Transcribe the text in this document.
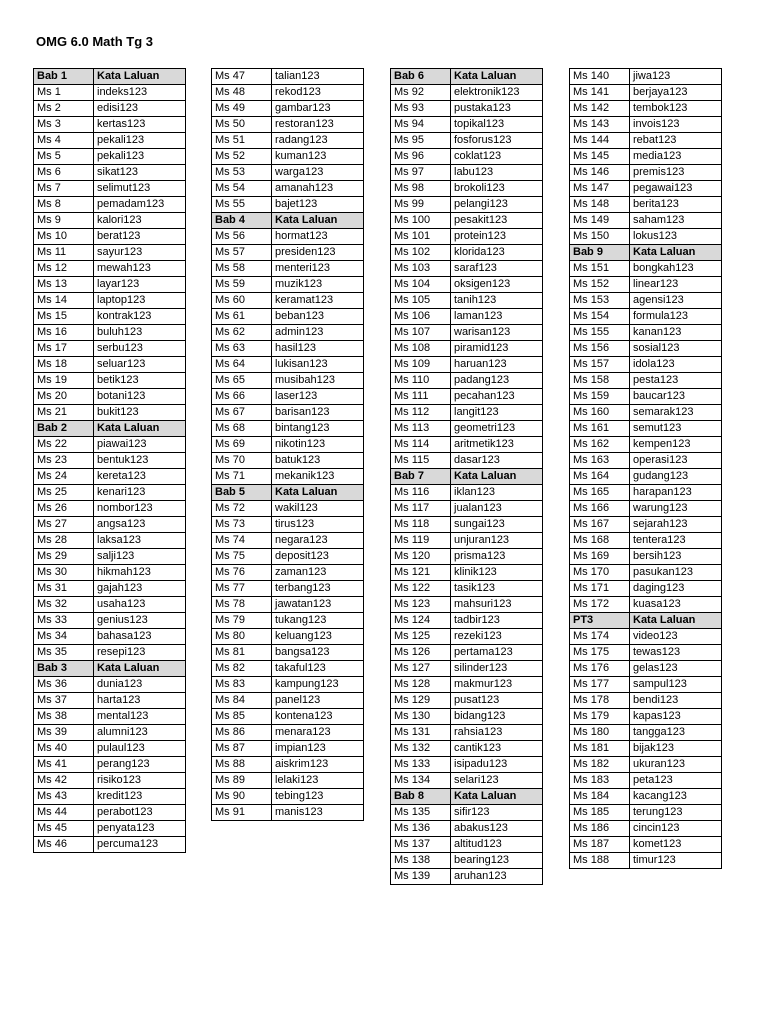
OMG 6.0 Math Tg 3
Bab 1	Kata Laluan
Ms 1	indeks123
Ms 2	edisi123
Ms 3	kertas123
Ms 4	pekali123
Ms 5	pekali123
Ms 6	sikat123
Ms 7	selimut123
Ms 8	pemadam123
Ms 9	kalori123
Ms 10	berat123
Ms 11	sayur123
Ms 12	mewah123
Ms 13	layar123
Ms 14	laptop123
Ms 15	kontrak123
Ms 16	buluh123
Ms 17	serbu123
Ms 18	seluar123
Ms 19	betik123
Ms 20	botani123
Ms 21	bukit123
Bab 2	Kata Laluan
Ms 22	piawai123
Ms 23	bentuk123
Ms 24	kereta123
Ms 25	kenari123
Ms 26	nombor123
Ms 27	angsa123
Ms 28	laksa123
Ms 29	salji123
Ms 30	hikmah123
Ms 31	gajah123
Ms 32	usaha123
Ms 33	genius123
Ms 34	bahasa123
Ms 35	resepi123
Bab 3	Kata Laluan
Ms 36	dunia123
Ms 37	harta123
Ms 38	mental123
Ms 39	alumni123
Ms 40	pulaul123
Ms 41	perang123
Ms 42	risiko123
Ms 43	kredit123
Ms 44	perabot123
Ms 45	penyata123
Ms 46	percuma123
Ms 47	talian123
Ms 48	rekod123
Ms 49	gambar123
Ms 50	restoran123
Ms 51	radang123
Ms 52	kuman123
Ms 53	warga123
Ms 54	amanah123
Ms 55	bajet123
Bab 4	Kata Laluan
Ms 56	hormat123
Ms 57	presiden123
Ms 58	menteri123
Ms 59	muzik123
Ms 60	keramat123
Ms 61	beban123
Ms 62	admin123
Ms 63	hasil123
Ms 64	lukisan123
Ms 65	musibah123
Ms 66	laser123
Ms 67	barisan123
Ms 68	bintang123
Ms 69	nikotin123
Ms 70	batuk123
Ms 71	mekanik123
Bab 5	Kata Laluan
Ms 72	wakil123
Ms 73	tirus123
Ms 74	negara123
Ms 75	deposit123
Ms 76	zaman123
Ms 77	terbang123
Ms 78	jawatan123
Ms 79	tukang123
Ms 80	keluang123
Ms 81	bangsa123
Ms 82	takaful123
Ms 83	kampung123
Ms 84	panel123
Ms 85	kontena123
Ms 86	menara123
Ms 87	impian123
Ms 88	aiskrim123
Ms 89	lelaki123
Ms 90	tebing123
Ms 91	manis123
Bab 6	Kata Laluan
Ms 92	elektronik123
Ms 93	pustaka123
Ms 94	topikal123
Ms 95	fosforus123
Ms 96	coklat123
Ms 97	labu123
Ms 98	brokoli123
Ms 99	pelangi123
Ms 100	pesakit123
Ms 101	protein123
Ms 102	klorida123
Ms 103	saraf123
Ms 104	oksigen123
Ms 105	tanih123
Ms 106	laman123
Ms 107	warisan123
Ms 108	piramid123
Ms 109	haruan123
Ms 110	padang123
Ms 111	pecahan123
Ms 112	langit123
Ms 113	geometri123
Ms 114	aritmetik123
Ms 115	dasar123
Bab 7	Kata Laluan
Ms 116	iklan123
Ms 117	jualan123
Ms 118	sungai123
Ms 119	unjuran123
Ms 120	prisma123
Ms 121	klinik123
Ms 122	tasik123
Ms 123	mahsuri123
Ms 124	tadbir123
Ms 125	rezeki123
Ms 126	pertama123
Ms 127	silinder123
Ms 128	makmur123
Ms 129	pusat123
Ms 130	bidang123
Ms 131	rahsia123
Ms 132	cantik123
Ms 133	isipadu123
Ms 134	selari123
Bab 8	Kata Laluan
Ms 135	sifir123
Ms 136	abakus123
Ms 137	altitud123
Ms 138	bearing123
Ms 139	aruhan123
Ms 140	jiwa123
Ms 141	berjaya123
Ms 142	tembok123
Ms 143	invois123
Ms 144	rebat123
Ms 145	media123
Ms 146	premis123
Ms 147	pegawai123
Ms 148	berita123
Ms 149	saham123
Ms 150	lokus123
Bab 9	Kata Laluan
Ms 151	bongkah123
Ms 152	linear123
Ms 153	agensi123
Ms 154	formula123
Ms 155	kanan123
Ms 156	sosial123
Ms 157	idola123
Ms 158	pesta123
Ms 159	baucar123
Ms 160	semarak123
Ms 161	semut123
Ms 162	kempen123
Ms 163	operasi123
Ms 164	gudang123
Ms 165	harapan123
Ms 166	warung123
Ms 167	sejarah123
Ms 168	tentera123
Ms 169	bersih123
Ms 170	pasukan123
Ms 171	daging123
Ms 172	kuasa123
PT3	Kata Laluan
Ms 174	video123
Ms 175	tewas123
Ms 176	gelas123
Ms 177	sampul123
Ms 178	bendi123
Ms 179	kapas123
Ms 180	tangga123
Ms 181	bijak123
Ms 182	ukuran123
Ms 183	peta123
Ms 184	kacang123
Ms 185	terung123
Ms 186	cincin123
Ms 187	komet123
Ms 188	timur123
